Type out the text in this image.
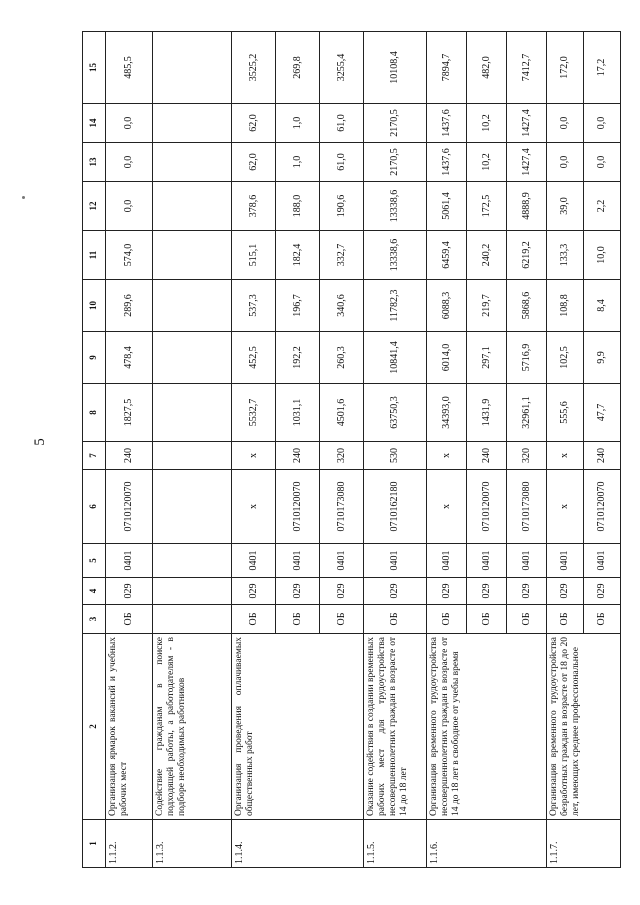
5
1	2	3	4	5	6	7	8	9	10	11	12	13	14	15
1.1.2.	Организация ярмарок вакансий и учебных рабочих мест	ОБ	029	0401	0710120070	240	1827,5	478,4	289,6	574,0	0,0	0,0	0,0	485,5
1.1.3.	Содействие гражданам в поиске подходящей работы, а работодателям - в подборе необходимых работников													
1.1.4.	Организация проведения оплачиваемых общественных работ	ОБ	029	0401	x	x	5532,7	452,5	537,3	515,1	378,6	62,0	62,0	3525,2
		ОБ	029	0401	0710120070	240	1031,1	192,2	196,7	182,4	188,0	1,0	1,0	269,8
		ОБ	029	0401	0710173080	320	4501,6	260,3	340,6	332,7	190,6	61,0	61,0	3255,4
1.1.5.	Оказание содействия в создании временных рабочих мест для трудоустройства несовершеннолетних граждан в возрасте от 14 до 18 лет	ОБ	029	0401	0710162180	530	63750,3	10841,4	11782,3	13338,6	13338,6	2170,5	2170,5	10108,4
1.1.6.	Организация временного трудоустройства несовершеннолетних граждан в возрасте от 14 до 18 лет в свободное от учебы время	ОБ	029	0401	x	x	34393,0	6014,0	6088,3	6459,4	5061,4	1437,6	1437,6	7894,7
		ОБ	029	0401	0710120070	240	1431,9	297,1	219,7	240,2	172,5	10,2	10,2	482,0
		ОБ	029	0401	0710173080	320	32961,1	5716,9	5868,6	6219,2	4888,9	1427,4	1427,4	7412,7
1.1.7.	Организация временного трудоустройства безработных граждан в возрасте от 18 до 20 лет, имеющих среднее профессиональное	ОБ	029	0401	x	x	555,6	102,5	108,8	133,3	39,0	0,0	0,0	172,0
		ОБ	029	0401	0710120070	240	47,7	9,9	8,4	10,0	2,2	0,0	0,0	17,2
